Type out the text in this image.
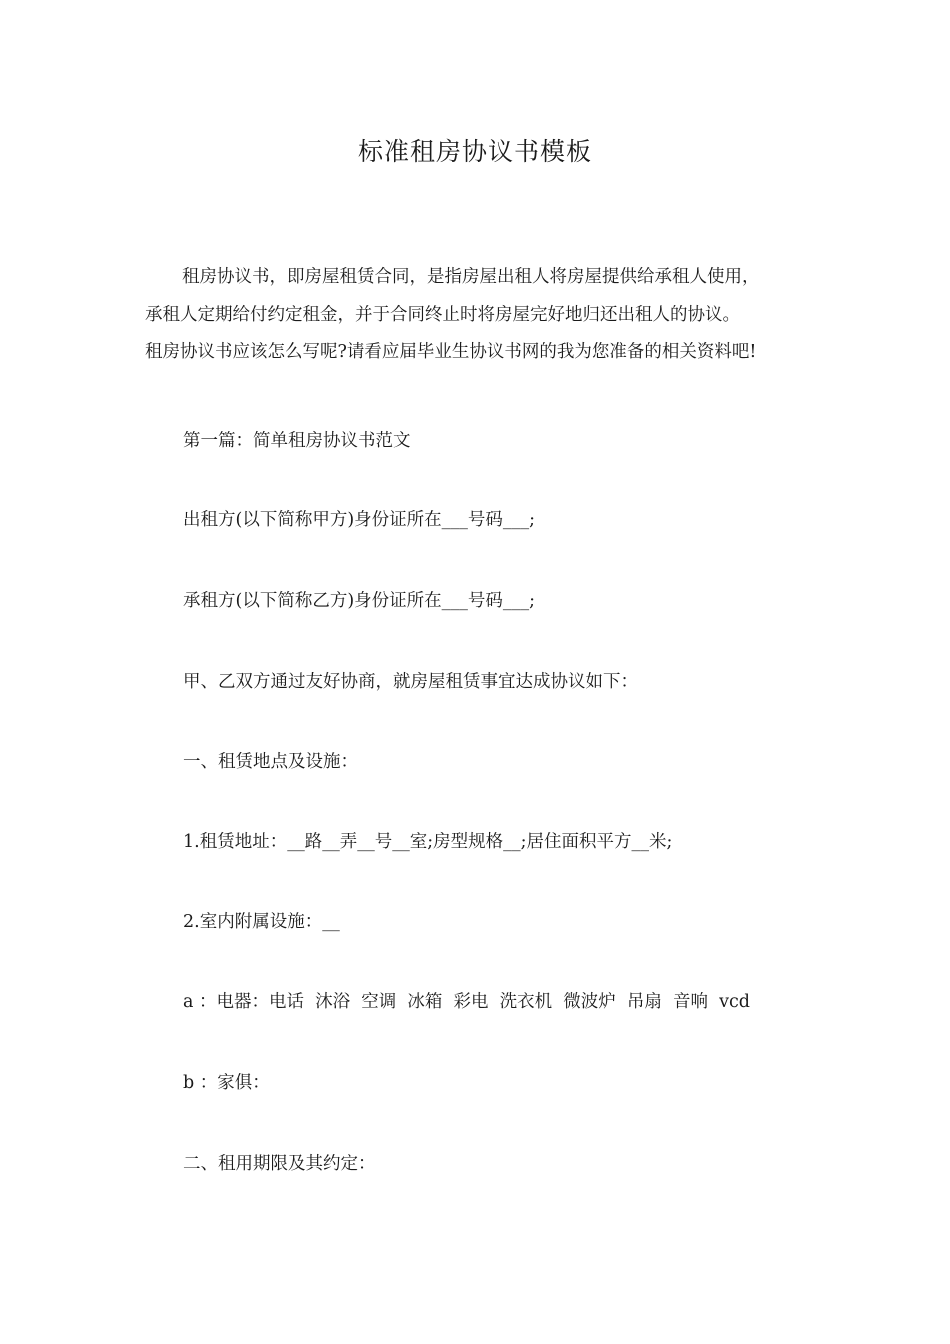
标准租房协议书模板

租房协议书，即房屋租赁合同，是指房屋出租人将房屋提供给承租人使用，

承租人定期给付约定租金，并于合同终止时将房屋完好地归还出租人的协议。

租房协议书应该怎么写呢?请看应届毕业生协议书网的我为您准备的相关资料吧!

第一篇：简单租房协议书范文
出租方(以下简称甲方)身份证所在___号码___;
承租方(以下简称乙方)身份证所在___号码___;
甲、乙双方通过友好协商，就房屋租赁事宜达成协议如下：
一、租赁地点及设施：
1.租赁地址：__路__弄__号__室;房型规格__;居住面积平方__米;
2.室内附属设施：__
a ：电器：电话  沐浴  空调  冰箱  彩电  洗衣机  微波炉  吊扇  音响  vcd
b ：家俱：
二、租用期限及其约定：
